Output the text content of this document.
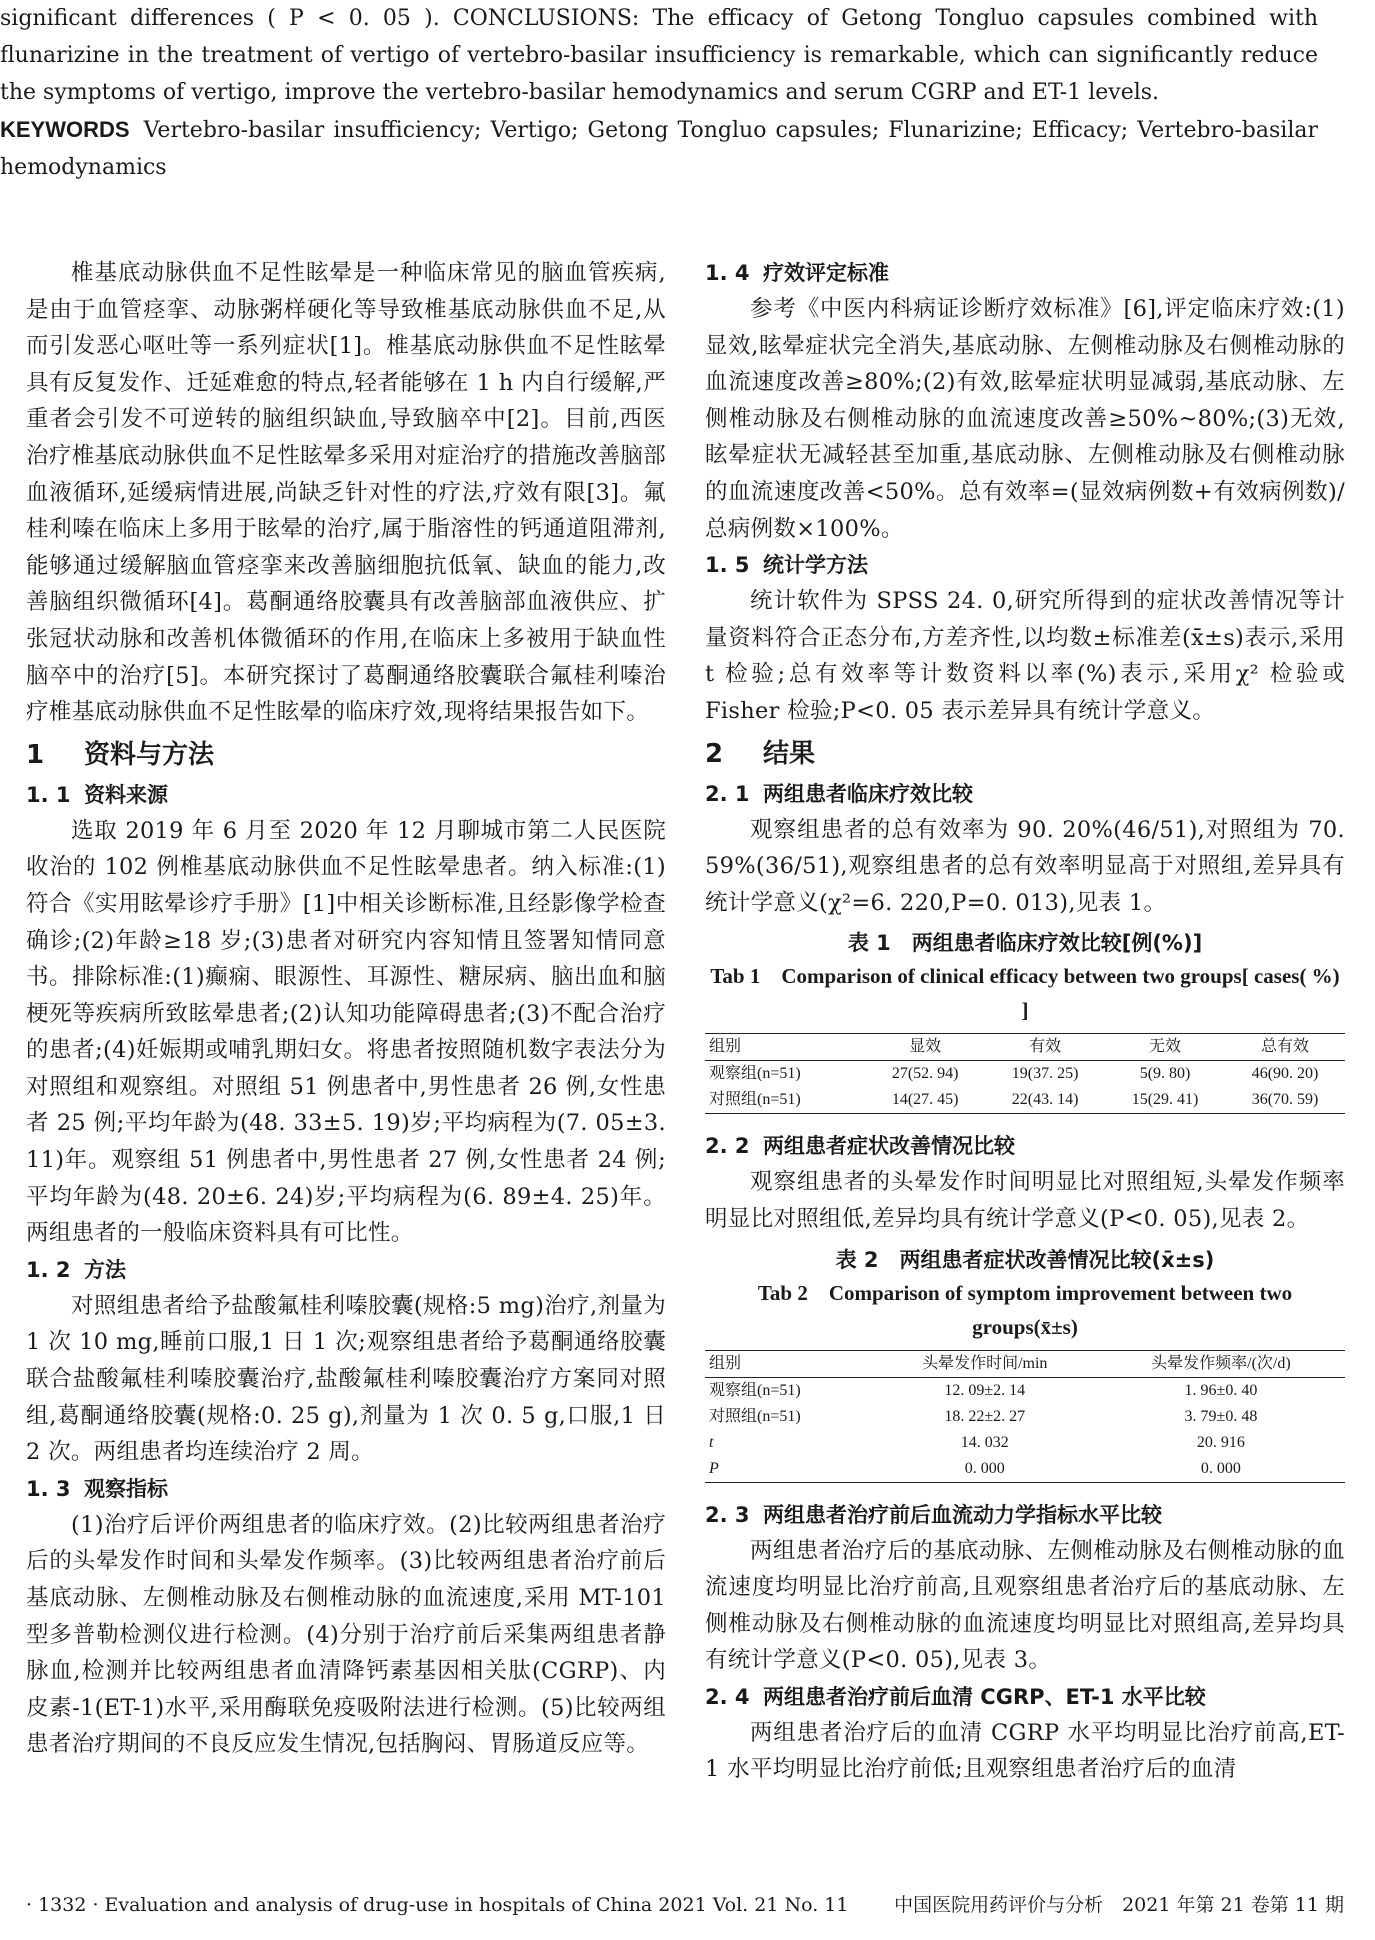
significant differences ( P < 0. 05 ). CONCLUSIONS: The efficacy of Getong Tongluo capsules combined with flunarizine in the treatment of vertigo of vertebro-basilar insufficiency is remarkable, which can significantly reduce the symptoms of vertigo, improve the vertebro-basilar hemodynamics and serum CGRP and ET-1 levels.

KEYWORDS Vertebro-basilar insufficiency; Vertigo; Getong Tongluo capsules; Flunarizine; Efficacy; Vertebro-basilar hemodynamics

椎基底动脉供血不足性眩晕是一种临床常见的脑血管疾病,是由于血管痉挛、动脉粥样硬化等导致椎基底动脉供血不足,从而引发恶心呕吐等一系列症状[1]。椎基底动脉供血不足性眩晕具有反复发作、迁延难愈的特点,轻者能够在 1 h 内自行缓解,严重者会引发不可逆转的脑组织缺血,导致脑卒中[2]。目前,西医治疗椎基底动脉供血不足性眩晕多采用对症治疗的措施改善脑部血液循环,延缓病情进展,尚缺乏针对性的疗法,疗效有限[3]。氟桂利嗪在临床上多用于眩晕的治疗,属于脂溶性的钙通道阻滞剂,能够通过缓解脑血管痉挛来改善脑细胞抗低氧、缺血的能力,改善脑组织微循环[4]。葛酮通络胶囊具有改善脑部血液供应、扩张冠状动脉和改善机体微循环的作用,在临床上多被用于缺血性脑卒中的治疗[5]。本研究探讨了葛酮通络胶囊联合氟桂利嗪治疗椎基底动脉供血不足性眩晕的临床疗效,现将结果报告如下。

1 资料与方法
1. 1 资料来源

选取 2019 年 6 月至 2020 年 12 月聊城市第二人民医院收治的 102 例椎基底动脉供血不足性眩晕患者。纳入标准:(1)符合《实用眩晕诊疗手册》[1]中相关诊断标准,且经影像学检查确诊;(2)年龄≥18 岁;(3)患者对研究内容知情且签署知情同意书。排除标准:(1)癫痫、眼源性、耳源性、糖尿病、脑出血和脑梗死等疾病所致眩晕患者;(2)认知功能障碍患者;(3)不配合治疗的患者;(4)妊娠期或哺乳期妇女。将患者按照随机数字表法分为对照组和观察组。对照组 51 例患者中,男性患者 26 例,女性患者 25 例;平均年龄为(48. 33±5. 19)岁;平均病程为(7. 05±3. 11)年。观察组 51 例患者中,男性患者 27 例,女性患者 24 例;平均年龄为(48. 20±6. 24)岁;平均病程为(6. 89±4. 25)年。两组患者的一般临床资料具有可比性。

1. 2 方法

对照组患者给予盐酸氟桂利嗪胶囊(规格:5 mg)治疗,剂量为 1 次 10 mg,睡前口服,1 日 1 次;观察组患者给予葛酮通络胶囊联合盐酸氟桂利嗪胶囊治疗,盐酸氟桂利嗪胶囊治疗方案同对照组,葛酮通络胶囊(规格:0. 25 g),剂量为 1 次 0. 5 g,口服,1 日 2 次。两组患者均连续治疗 2 周。

1. 3 观察指标

(1)治疗后评价两组患者的临床疗效。(2)比较两组患者治疗后的头晕发作时间和头晕发作频率。(3)比较两组患者治疗前后基底动脉、左侧椎动脉及右侧椎动脉的血流速度,采用 MT-101 型多普勒检测仪进行检测。(4)分别于治疗前后采集两组患者静脉血,检测并比较两组患者血清降钙素基因相关肽(CGRP)、内皮素-1(ET-1)水平,采用酶联免疫吸附法进行检测。(5)比较两组患者治疗期间的不良反应发生情况,包括胸闷、胃肠道反应等。

1. 4 疗效评定标准

参考《中医内科病证诊断疗效标准》[6],评定临床疗效:(1)显效,眩晕症状完全消失,基底动脉、左侧椎动脉及右侧椎动脉的血流速度改善≥80%;(2)有效,眩晕症状明显减弱,基底动脉、左侧椎动脉及右侧椎动脉的血流速度改善≥50%~80%;(3)无效,眩晕症状无减轻甚至加重,基底动脉、左侧椎动脉及右侧椎动脉的血流速度改善<50%。总有效率=(显效病例数+有效病例数)/总病例数×100%。

1. 5 统计学方法

统计软件为 SPSS 24. 0,研究所得到的症状改善情况等计量资料符合正态分布,方差齐性,以均数±标准差(x̄±s)表示,采用 t 检验;总有效率等计数资料以率(%)表示,采用χ² 检验或 Fisher 检验;P<0. 05 表示差异具有统计学意义。

2 结果
2. 1 两组患者临床疗效比较

观察组患者的总有效率为 90. 20%(46/51),对照组为 70. 59%(36/51),观察组患者的总有效率明显高于对照组,差异具有统计学意义(χ²=6. 220,P=0. 013),见表 1。

表 1　两组患者临床疗效比较[例(%)]

Tab 1　Comparison of clinical efficacy between two groups[ cases( %) ]

组别	显效	有效	无效	总有效
观察组(n=51)	27(52. 94)	19(37. 25)	5(9. 80)	46(90. 20)
对照组(n=51)	14(27. 45)	22(43. 14)	15(29. 41)	36(70. 59)
2. 2 两组患者症状改善情况比较

观察组患者的头晕发作时间明显比对照组短,头晕发作频率明显比对照组低,差异均具有统计学意义(P<0. 05),见表 2。

表 2　两组患者症状改善情况比较(x̄±s)

Tab 2　Comparison of symptom improvement between two groups(x̄±s)

组别	头晕发作时间/min	头晕发作频率/(次/d)
观察组(n=51)	12. 09±2. 14	1. 96±0. 40
对照组(n=51)	18. 22±2. 27	3. 79±0. 48
t	14. 032	20. 916
P	0. 000	0. 000
2. 3 两组患者治疗前后血流动力学指标水平比较

两组患者治疗后的基底动脉、左侧椎动脉及右侧椎动脉的血流速度均明显比治疗前高,且观察组患者治疗后的基底动脉、左侧椎动脉及右侧椎动脉的血流速度均明显比对照组高,差异均具有统计学意义(P<0. 05),见表 3。

2. 4 两组患者治疗前后血清 CGRP、ET-1 水平比较

两组患者治疗后的血清 CGRP 水平均明显比治疗前高,ET-1 水平均明显比治疗前低;且观察组患者治疗后的血清

· 1332 · Evaluation and analysis of drug-use in hospitals of China 2021 Vol. 21 No. 11 中国医院用药评价与分析　2021 年第 21 卷第 11 期
